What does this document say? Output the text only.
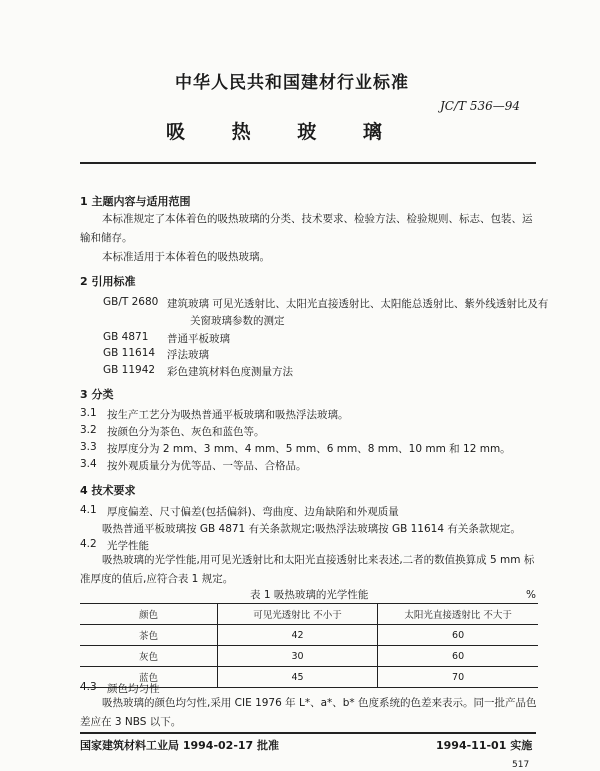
中华人民共和国建材行业标准
JC/T 536—94
吸 热 玻 璃
1 主题内容与适用范围

本标准规定了本体着色的吸热玻璃的分类、技术要求、检验方法、检验规则、标志、包装、运输和储存。

本标准适用于本体着色的吸热玻璃。

2 引用标准
GB/T 2680 建筑玻璃 可见光透射比、太阳光直接透射比、太阳能总透射比、紫外线透射比及有
关窗玻璃参数的测定
GB 4871 普通平板玻璃
GB 11614 浮法玻璃
GB 11942 彩色建筑材料色度测量方法
3 分类
3.1 按生产工艺分为吸热普通平板玻璃和吸热浮法玻璃。
3.2 按颜色分为茶色、灰色和蓝色等。
3.3 按厚度分为 2 mm、3 mm、4 mm、5 mm、6 mm、8 mm、10 mm 和 12 mm。
3.4 按外观质量分为优等品、一等品、合格品。
4 技术要求
4.1 厚度偏差、尺寸偏差(包括偏斜)、弯曲度、边角缺陷和外观质量
吸热普通平板玻璃按 GB 4871 有关条款规定;吸热浮法玻璃按 GB 11614 有关条款规定。
4.2 光学性能

吸热玻璃的光学性能,用可见光透射比和太阳光直接透射比来表述,二者的数值换算成 5 mm 标准厚度的值后,应符合表 1 规定。

表 1 吸热玻璃的光学性能	%
颜色	可见光透射比 不小于	太阳光直接透射比 不大于
茶色	42	60
灰色	30	60
蓝色	45	70
4.3 颜色均匀性

吸热玻璃的颜色均匀性,采用 CIE 1976 年 L*、a*、b* 色度系统的色差来表示。同一批产品色差应在 3 NBS 以下。

国家建筑材料工业局 1994-02-17 批准	1994-11-01 实施
517
